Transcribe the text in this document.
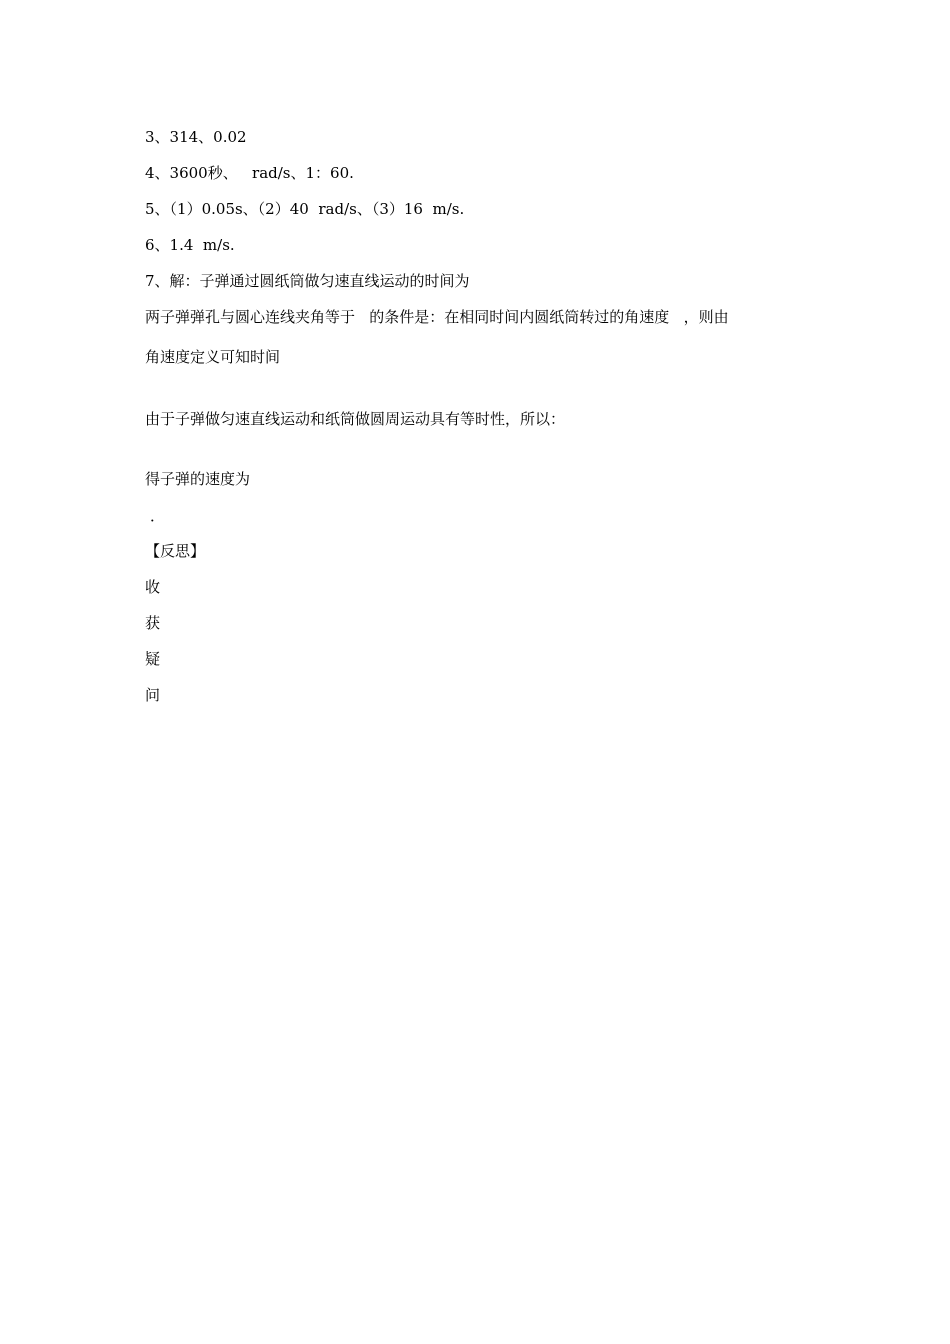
3、314、0.02
4、3600秒、   rad/s、1：60.
5、（1）0.05s、（2）40  rad/s、（3）16  m/s.
6、1.4  m/s.
7、解：子弹通过圆纸筒做匀速直线运动的时间为
两子弹弹孔与圆心连线夹角等于   的条件是：在相同时间内圆纸筒转过的角速度   ，则由
角速度定义可知时间
由于子弹做匀速直线运动和纸筒做圆周运动具有等时性，所以：
得子弹的速度为
．
【反思】
收
获
疑
问
